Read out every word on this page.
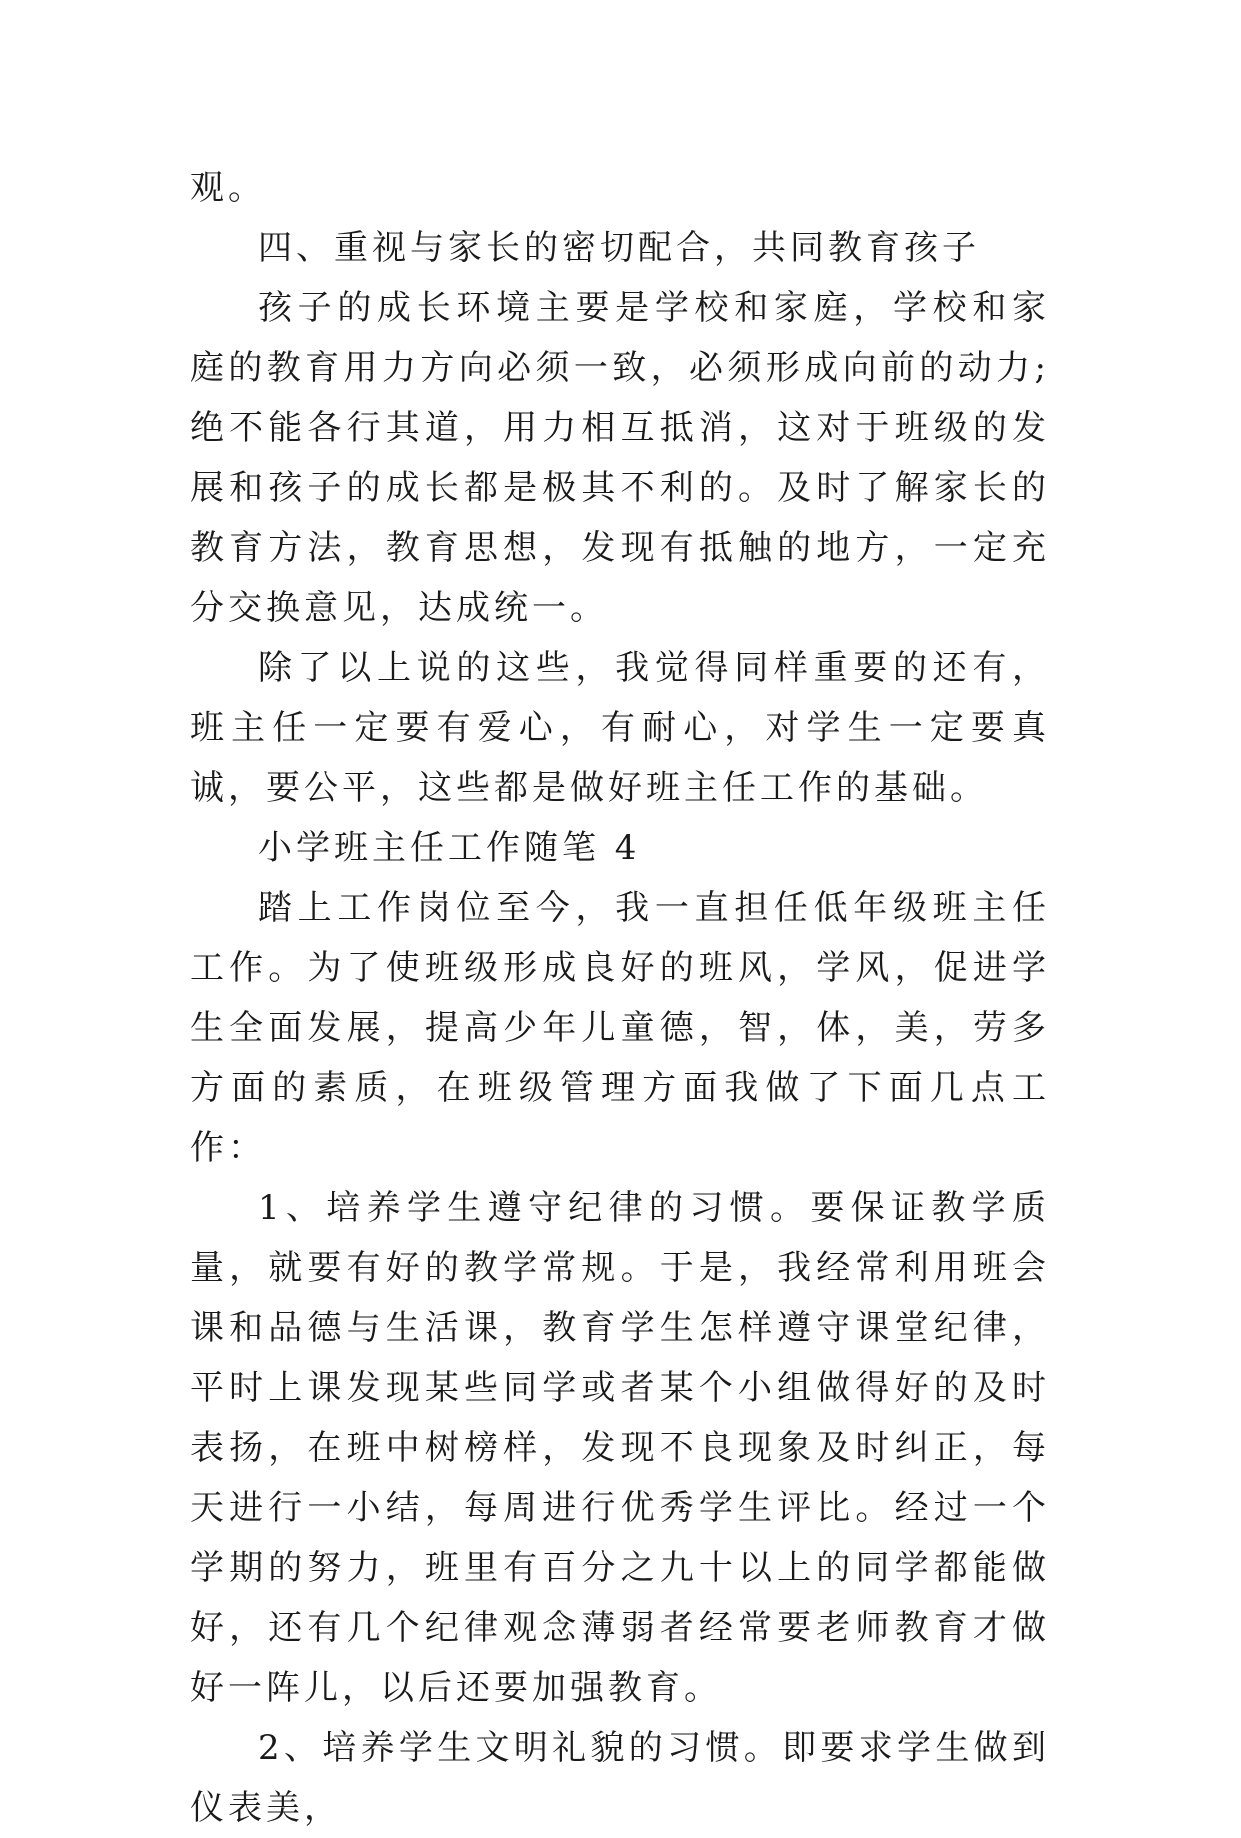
观。

四、重视与家长的密切配合，共同教育孩子

孩子的成长环境主要是学校和家庭，学校和家庭的教育用力方向必须一致，必须形成向前的动力;绝不能各行其道，用力相互抵消，这对于班级的发展和孩子的成长都是极其不利的。及时了解家长的教育方法，教育思想，发现有抵触的地方，一定充分交换意见，达成统一。

除了以上说的这些，我觉得同样重要的还有，班主任一定要有爱心，有耐心，对学生一定要真诚，要公平，这些都是做好班主任工作的基础。

小学班主任工作随笔 4

踏上工作岗位至今，我一直担任低年级班主任工作。为了使班级形成良好的班风，学风，促进学生全面发展，提高少年儿童德，智，体，美，劳多方面的素质，在班级管理方面我做了下面几点工作：

1、培养学生遵守纪律的习惯。要保证教学质量，就要有好的教学常规。于是，我经常利用班会课和品德与生活课，教育学生怎样遵守课堂纪律，平时上课发现某些同学或者某个小组做得好的及时表扬，在班中树榜样，发现不良现象及时纠正，每天进行一小结，每周进行优秀学生评比。经过一个学期的努力，班里有百分之九十以上的同学都能做好，还有几个纪律观念薄弱者经常要老师教育才做好一阵儿，以后还要加强教育。

2、培养学生文明礼貌的习惯。即要求学生做到仪表美，
